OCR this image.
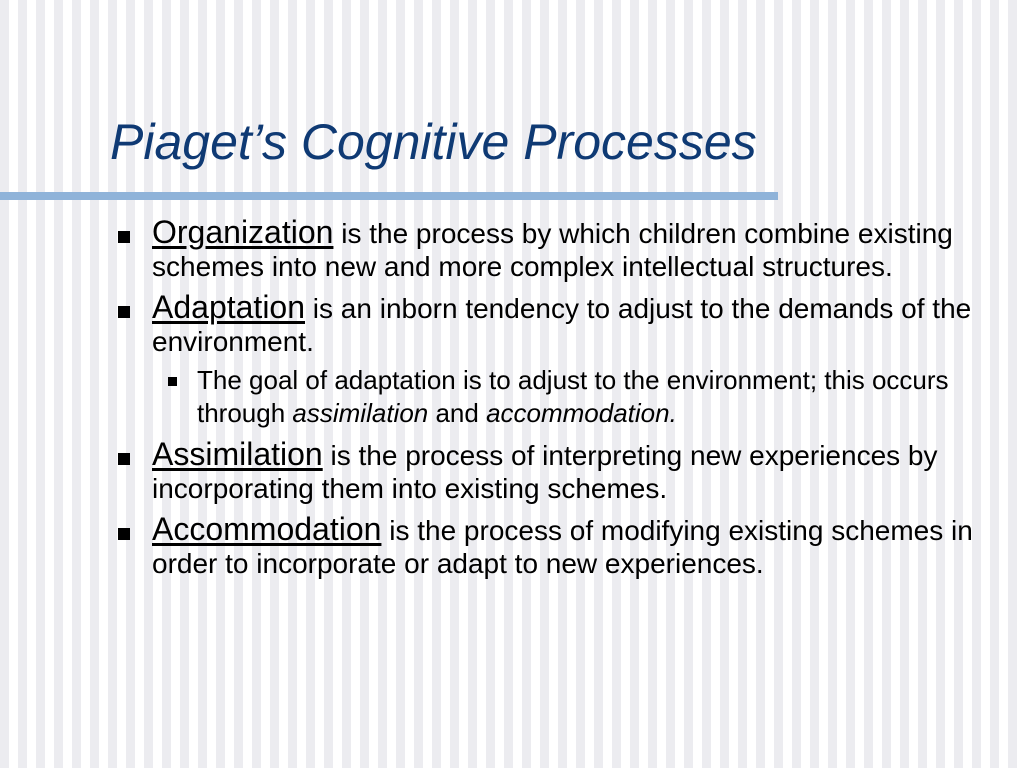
Piaget’s Cognitive Processes
Organization is the process by which children combine existing schemes into new and more complex intellectual structures.
Adaptation is an inborn tendency to adjust to the demands of the environment.
The goal of adaptation is to adjust to the environment; this occurs through assimilation and accommodation.
Assimilation is the process of interpreting new experiences by incorporating them into existing schemes.
Accommodation is the process of modifying existing schemes in order to incorporate or adapt to new experiences.
